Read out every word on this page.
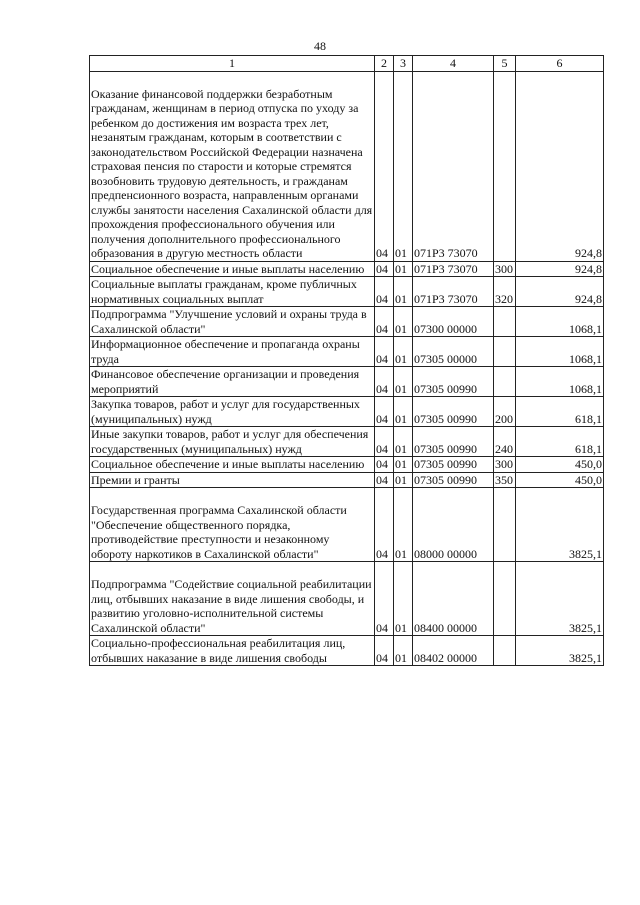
48
1	2	3	4	5	6

Оказание финансовой поддержки безработным гражданам, женщинам в период отпуска по уходу за ребенком до достижения им возраста трех лет, незанятым гражданам, которым в соответствии с законодательством Российской Федерации назначена страховая пенсия по старости и которые стремятся возобновить трудовую деятельность, и гражданам предпенсионного возраста, направленным органами службы занятости населения Сахалинской области для прохождения профессионального обучения или получения дополнительного профессионального образования в другую местность области	04	01	071Р3 73070		924,8
Социальное обеспечение и иные выплаты населению	04	01	071Р3 73070	300	924,8
Социальные выплаты гражданам, кроме публичных нормативных социальных выплат	04	01	071Р3 73070	320	924,8
Подпрограмма "Улучшение условий и охраны труда в Сахалинской области"	04	01	07300 00000		1068,1
Информационное обеспечение и пропаганда охраны труда	04	01	07305 00000		1068,1
Финансовое обеспечение организации и проведения мероприятий	04	01	07305 00990		1068,1
Закупка товаров, работ и услуг для государственных (муниципальных) нужд	04	01	07305 00990	200	618,1
Иные закупки товаров, работ и услуг для обеспечения государственных (муниципальных) нужд	04	01	07305 00990	240	618,1
Социальное обеспечение и иные выплаты населению	04	01	07305 00990	300	450,0
Премии и гранты	04	01	07305 00990	350	450,0

Государственная программа Сахалинской области "Обеспечение общественного порядка, противодействие преступности и незаконному обороту наркотиков в Сахалинской области"	04	01	08000 00000		3825,1

Подпрограмма "Содействие социальной реабилитации лиц, отбывших наказание в виде лишения свободы, и развитию уголовно-исполнительной системы Сахалинской области"	04	01	08400 00000		3825,1
Социально-профессиональная реабилитация лиц, отбывших наказание в виде лишения свободы	04	01	08402 00000		3825,1
